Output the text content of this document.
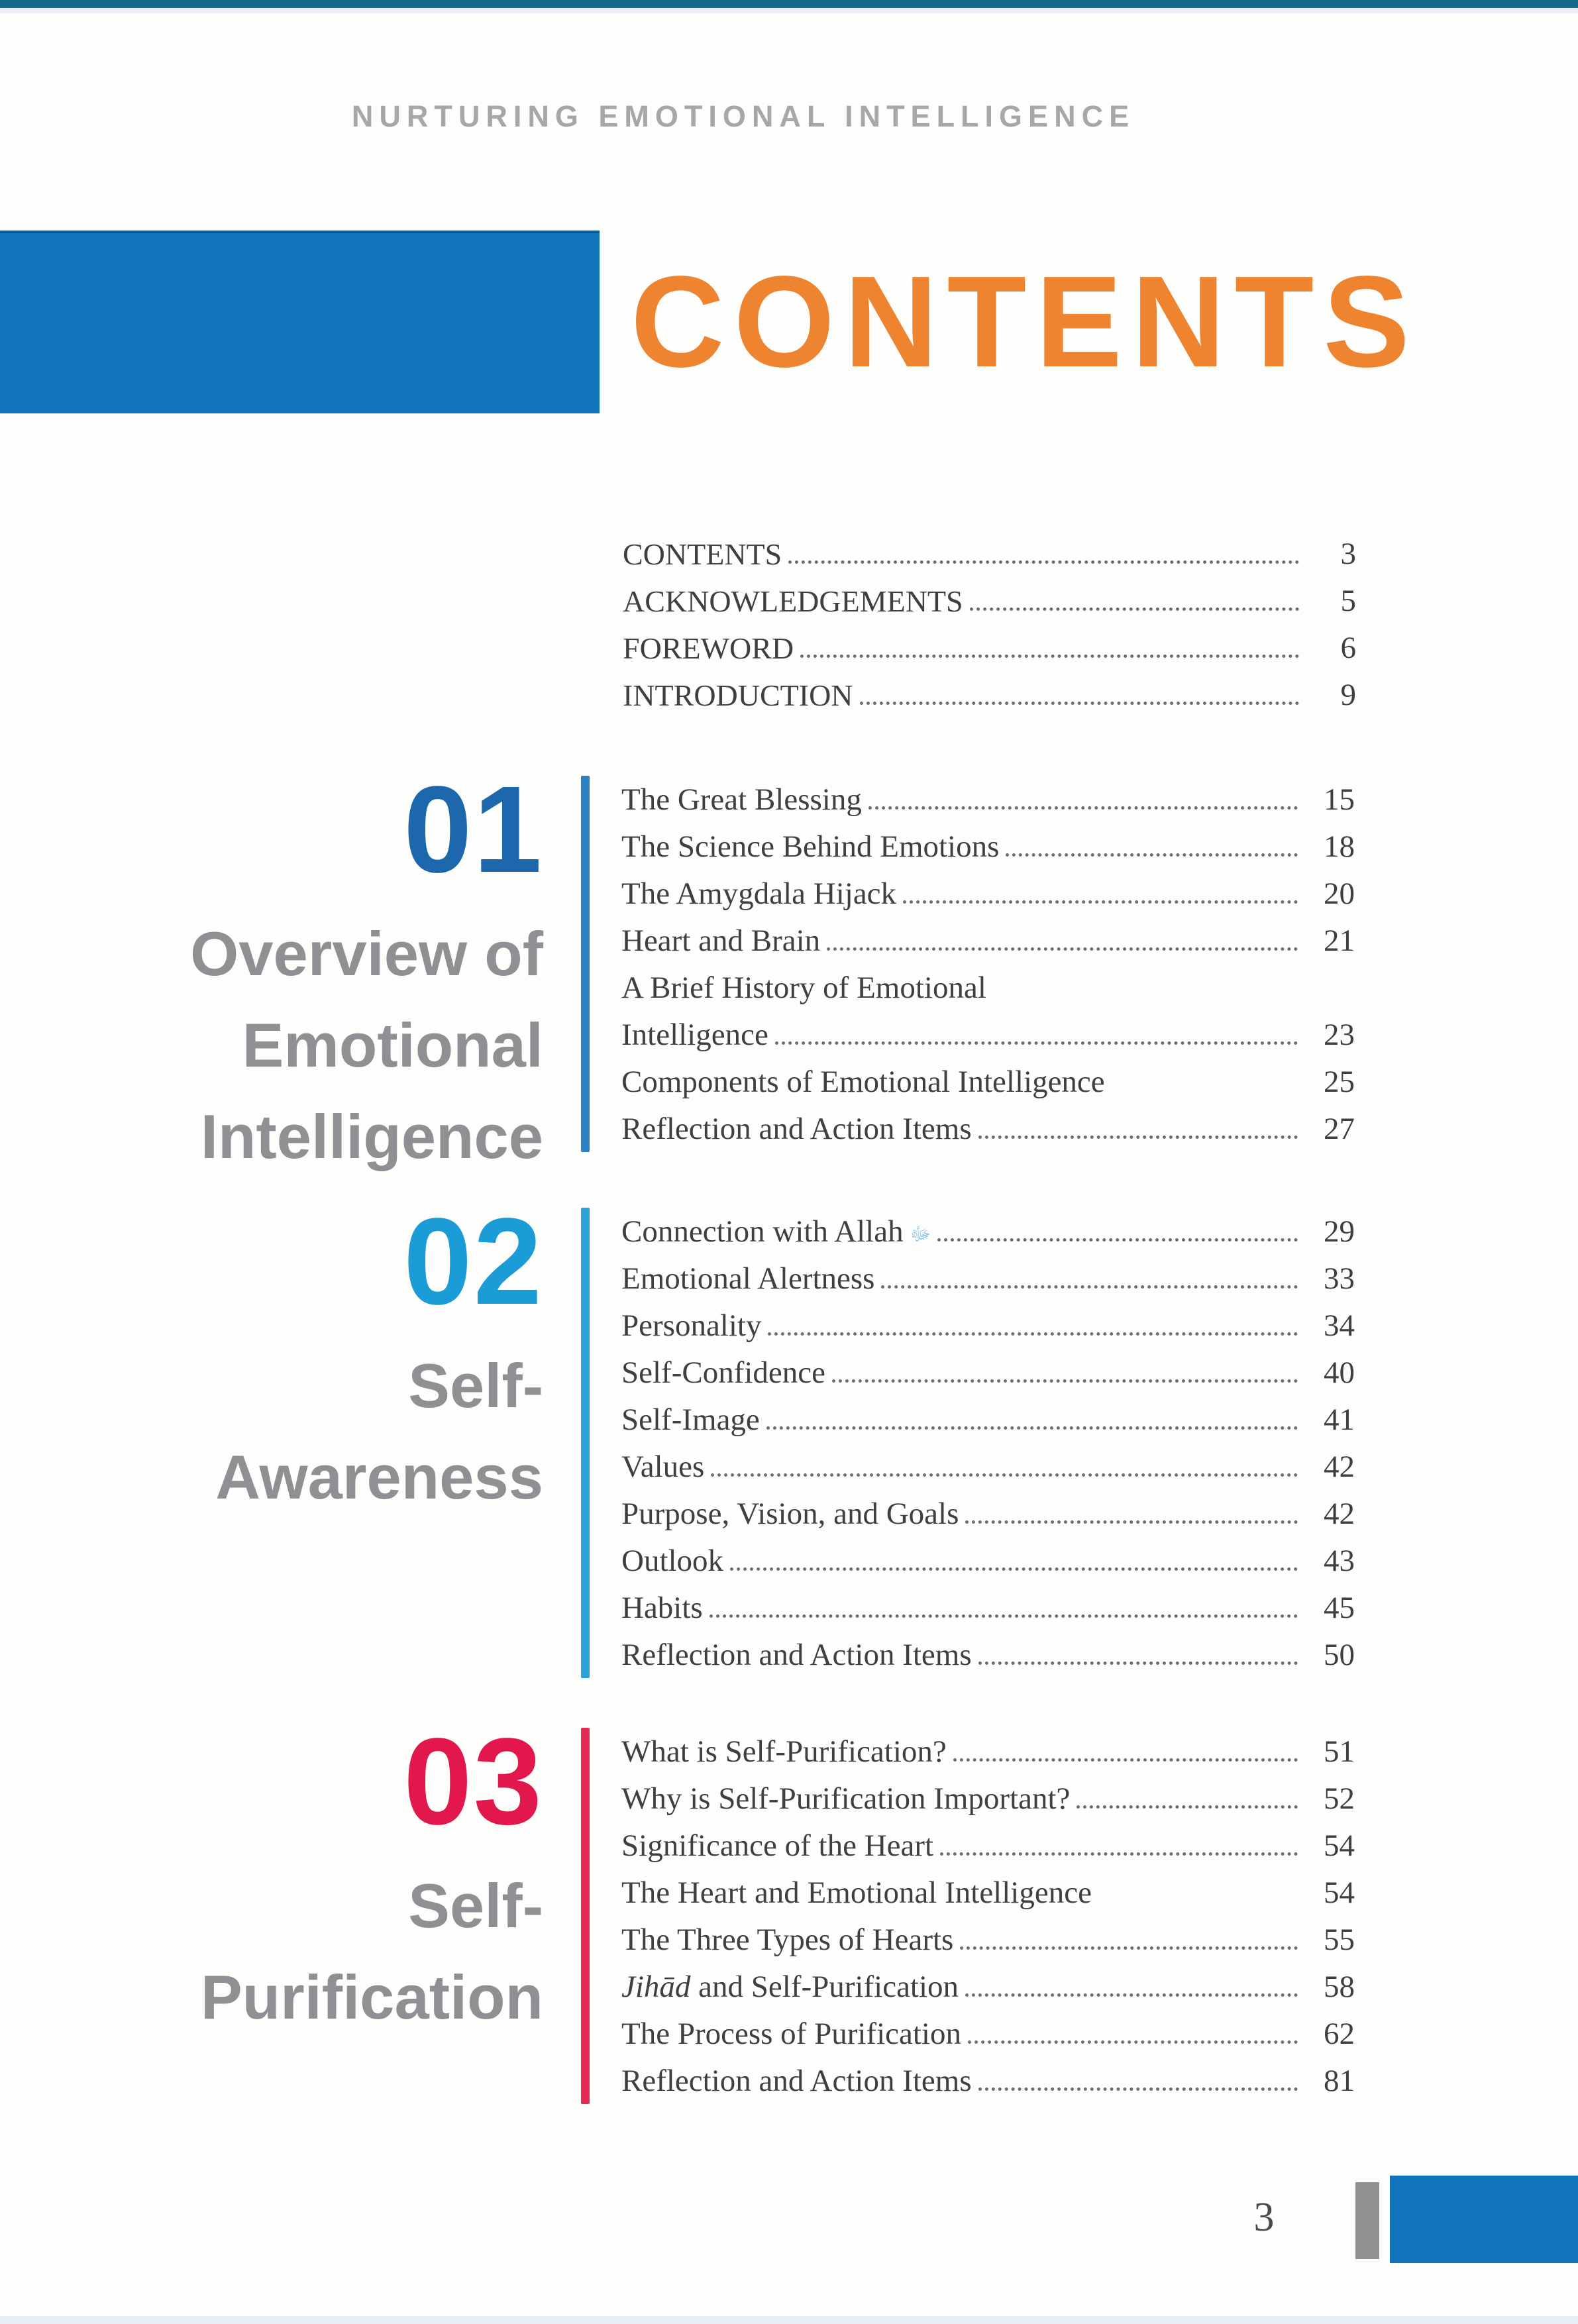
NURTURING EMOTIONAL INTELLIGENCE
CONTENTS
CONTENTS	3
ACKNOWLEDGEMENTS	5
FOREWORD	6
INTRODUCTION	9
01
Overview of
Emotional
Intelligence
The Great Blessing	15
The Science Behind Emotions	18
The Amygdala Hijack	20
Heart and Brain	21
A Brief History of Emotional
Intelligence	23
Components of Emotional Intelligence	25
Reflection and Action Items	27
02
Self-
Awareness
Connection with Allah ﷻ	29
Emotional Alertness	33
Personality	34
Self-Confidence	40
Self-Image	41
Values	42
Purpose, Vision, and Goals	42
Outlook	43
Habits	45
Reflection and Action Items	50
03
Self-
Purification
What is Self-Purification?	51
Why is Self-Purification Important?	52
Significance of the Heart	54
The Heart and Emotional Intelligence	54
The Three Types of Hearts	55
Jihād and Self-Purification	58
The Process of Purification	62
Reflection and Action Items	81
3
